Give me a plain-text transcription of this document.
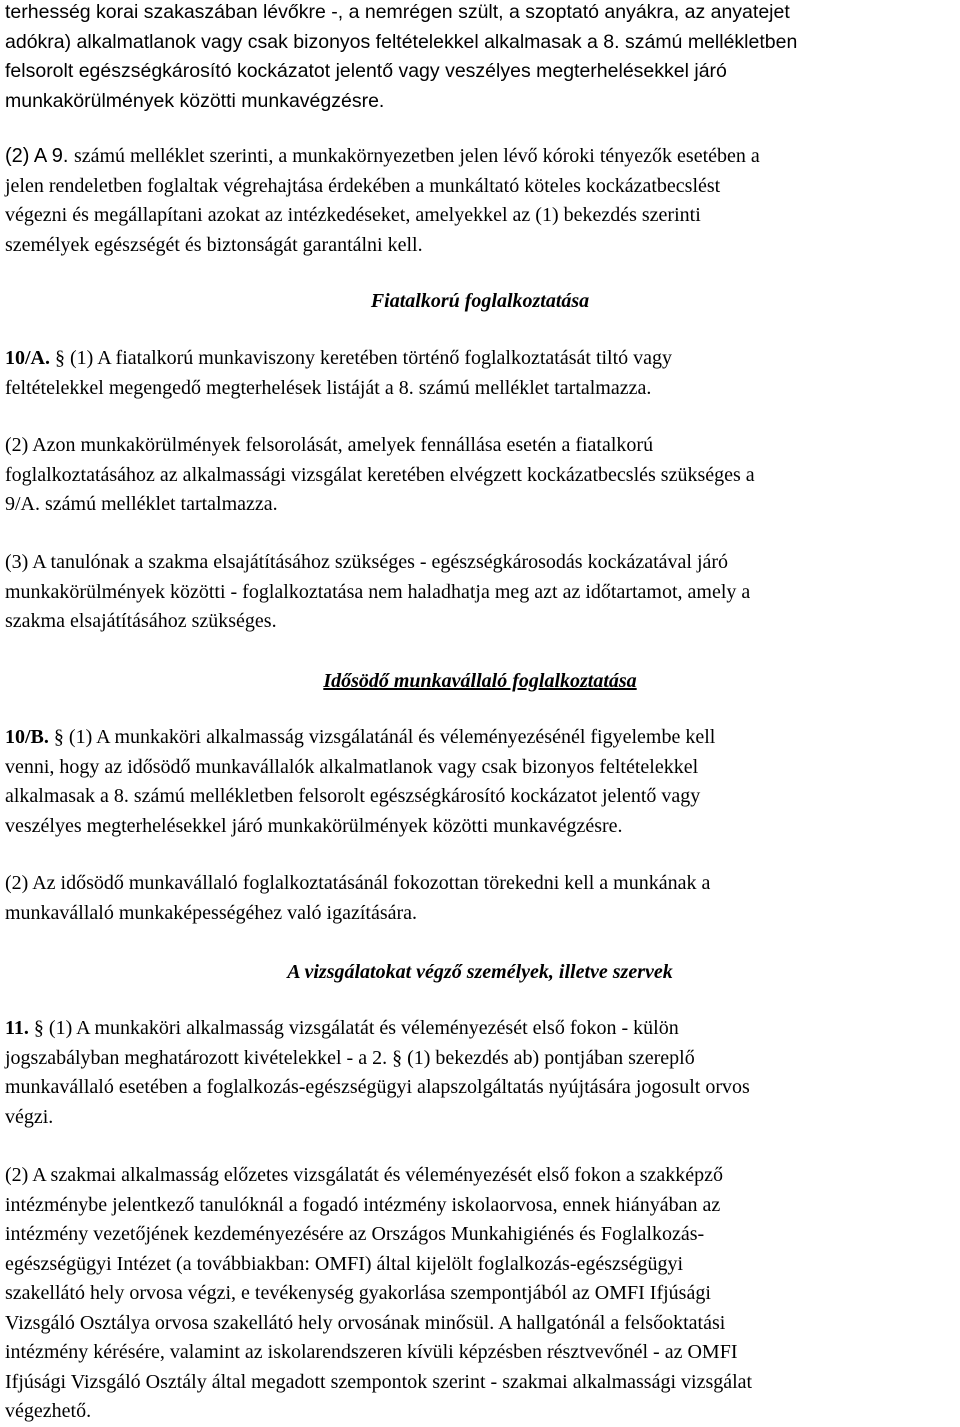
terhesség korai szakaszában lévőkre -, a nemrégen szült, a szoptató anyákra, az anyatejet
adókra) alkalmatlanok vagy csak bizonyos feltételekkel alkalmasak a 8. számú mellékletben
felsorolt egészségkárosító kockázatot jelentő vagy veszélyes megterhelésekkel járó
munkakörülmények közötti munkavégzésre.

(2) A 9. számú melléklet szerinti, a munkakörnyezetben jelen lévő kóroki tényezők esetében a
jelen rendeletben foglaltak végrehajtása érdekében a munkáltató köteles kockázatbecslést
végezni és megállapítani azokat az intézkedéseket, amelyekkel az (1) bekezdés szerinti
személyek egészségét és biztonságát garantálni kell.

Fiatalkorú foglalkoztatása

10/A. § (1) A fiatalkorú munkaviszony keretében történő foglalkoztatását tiltó vagy
feltételekkel megengedő megterhelések listáját a 8. számú melléklet tartalmazza.

(2) Azon munkakörülmények felsorolását, amelyek fennállása esetén a fiatalkorú
foglalkoztatásához az alkalmassági vizsgálat keretében elvégzett kockázatbecslés szükséges a
9/A. számú melléklet tartalmazza.

(3) A tanulónak a szakma elsajátításához szükséges - egészségkárosodás kockázatával járó
munkakörülmények közötti - foglalkoztatása nem haladhatja meg azt az időtartamot, amely a
szakma elsajátításához szükséges.

Idősödő munkavállaló foglalkoztatása

10/B. § (1) A munkaköri alkalmasság vizsgálatánál és véleményezésénél figyelembe kell
venni, hogy az idősödő munkavállalók alkalmatlanok vagy csak bizonyos feltételekkel
alkalmasak a 8. számú mellékletben felsorolt egészségkárosító kockázatot jelentő vagy
veszélyes megterhelésekkel járó munkakörülmények közötti munkavégzésre.

(2) Az idősödő munkavállaló foglalkoztatásánál fokozottan törekedni kell a munkának a
munkavállaló munkaképességéhez való igazítására.

A vizsgálatokat végző személyek, illetve szervek

11. § (1) A munkaköri alkalmasság vizsgálatát és véleményezését első fokon - külön
jogszabályban meghatározott kivételekkel - a 2. § (1) bekezdés ab) pontjában szereplő
munkavállaló esetében a foglalkozás-egészségügyi alapszolgáltatás nyújtására jogosult orvos
végzi.

(2) A szakmai alkalmasság előzetes vizsgálatát és véleményezését első fokon a szakképző
intézménybe jelentkező tanulóknál a fogadó intézmény iskolaorvosa, ennek hiányában az
intézmény vezetőjének kezdeményezésére az Országos Munkahigiénés és Foglalkozás-
egészségügyi Intézet (a továbbiakban: OMFI) által kijelölt foglalkozás-egészségügyi
szakellátó hely orvosa végzi, e tevékenység gyakorlása szempontjából az OMFI Ifjúsági
Vizsgáló Osztálya orvosa szakellátó hely orvosának minősül. A hallgatónál a felsőoktatási
intézmény kérésére, valamint az iskolarendszeren kívüli képzésben résztvevőnél - az OMFI
Ifjúsági Vizsgáló Osztály által megadott szempontok szerint - szakmai alkalmassági vizsgálat
végezhető.
